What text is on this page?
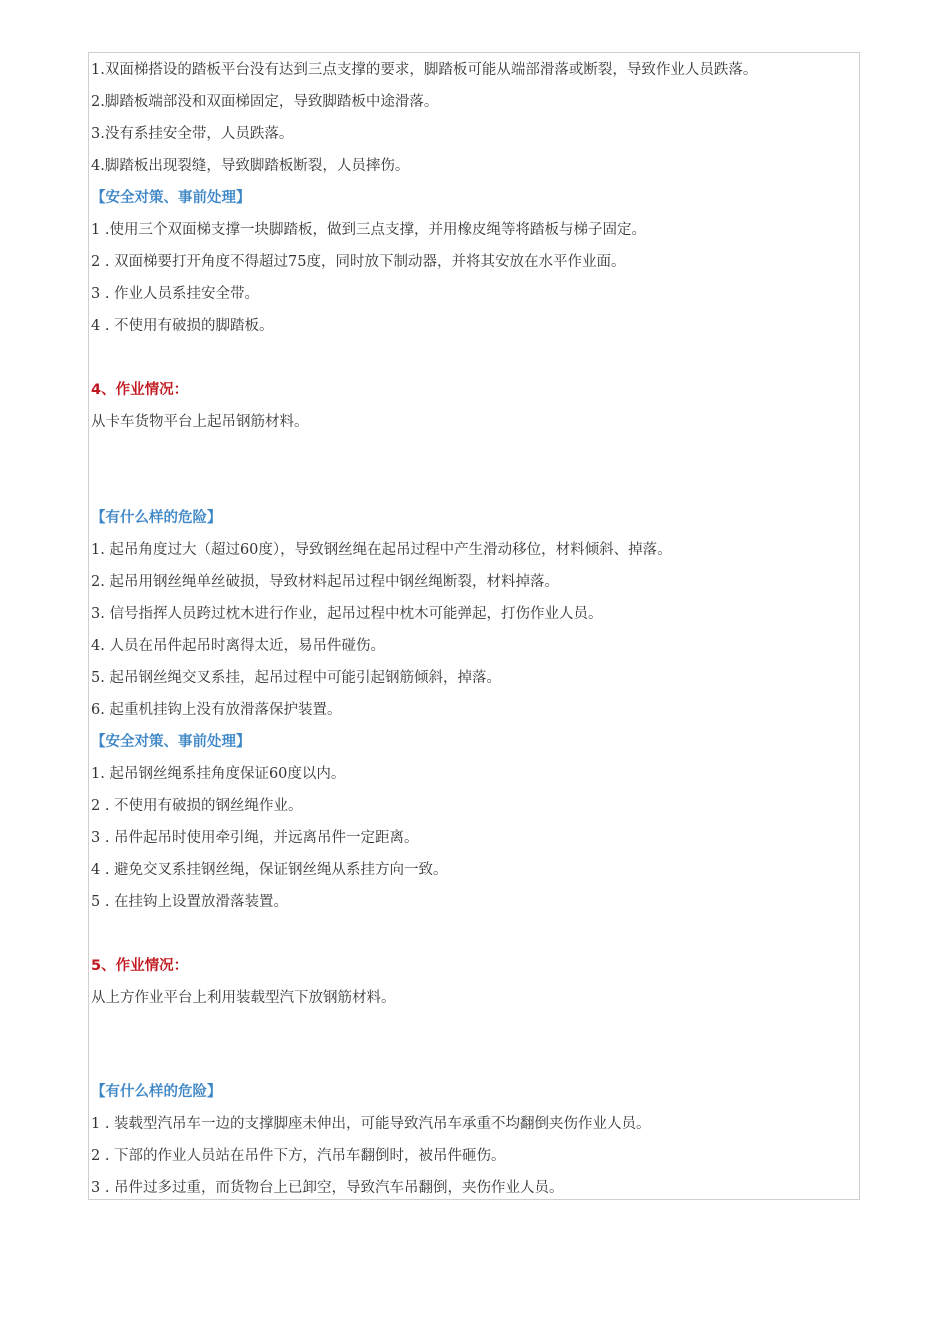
1.双面梯搭设的踏板平台没有达到三点支撑的要求，脚踏板可能从端部滑落或断裂，导致作业人员跌落。
2.脚踏板端部没和双面梯固定，导致脚踏板中途滑落。
3.没有系挂安全带，人员跌落。
4.脚踏板出现裂缝，导致脚踏板断裂，人员摔伤。
【安全对策、事前处理】
1 .使用三个双面梯支撑一块脚踏板，做到三点支撑，并用橡皮绳等将踏板与梯子固定。
2 . 双面梯要打开角度不得超过75度，同时放下制动器，并将其安放在水平作业面。
3 . 作业人员系挂安全带。
4 . 不使用有破损的脚踏板。
4、作业情况：
从卡车货物平台上起吊钢筋材料。
【有什么样的危险】
1. 起吊角度过大（超过60度），导致钢丝绳在起吊过程中产生滑动移位，材料倾斜、掉落。
2. 起吊用钢丝绳单丝破损，导致材料起吊过程中钢丝绳断裂，材料掉落。
3. 信号指挥人员跨过枕木进行作业，起吊过程中枕木可能弹起，打伤作业人员。
4. 人员在吊件起吊时离得太近，易吊件碰伤。
5. 起吊钢丝绳交叉系挂，起吊过程中可能引起钢筋倾斜，掉落。
6. 起重机挂钩上没有放滑落保护装置。
【安全对策、事前处理】
1. 起吊钢丝绳系挂角度保证60度以内。
2 . 不使用有破损的钢丝绳作业。
3 . 吊件起吊时使用牵引绳，并远离吊件一定距离。
4 . 避免交叉系挂钢丝绳，保证钢丝绳从系挂方向一致。
5 . 在挂钩上设置放滑落装置。
5、作业情况：
从上方作业平台上利用装载型汽下放钢筋材料。
【有什么样的危险】
1 . 装载型汽吊车一边的支撑脚座未伸出，可能导致汽吊车承重不均翻倒夹伤作业人员。
2 . 下部的作业人员站在吊件下方，汽吊车翻倒时，被吊件砸伤。
3 . 吊件过多过重，而货物台上已卸空，导致汽车吊翻倒，夹伤作业人员。
